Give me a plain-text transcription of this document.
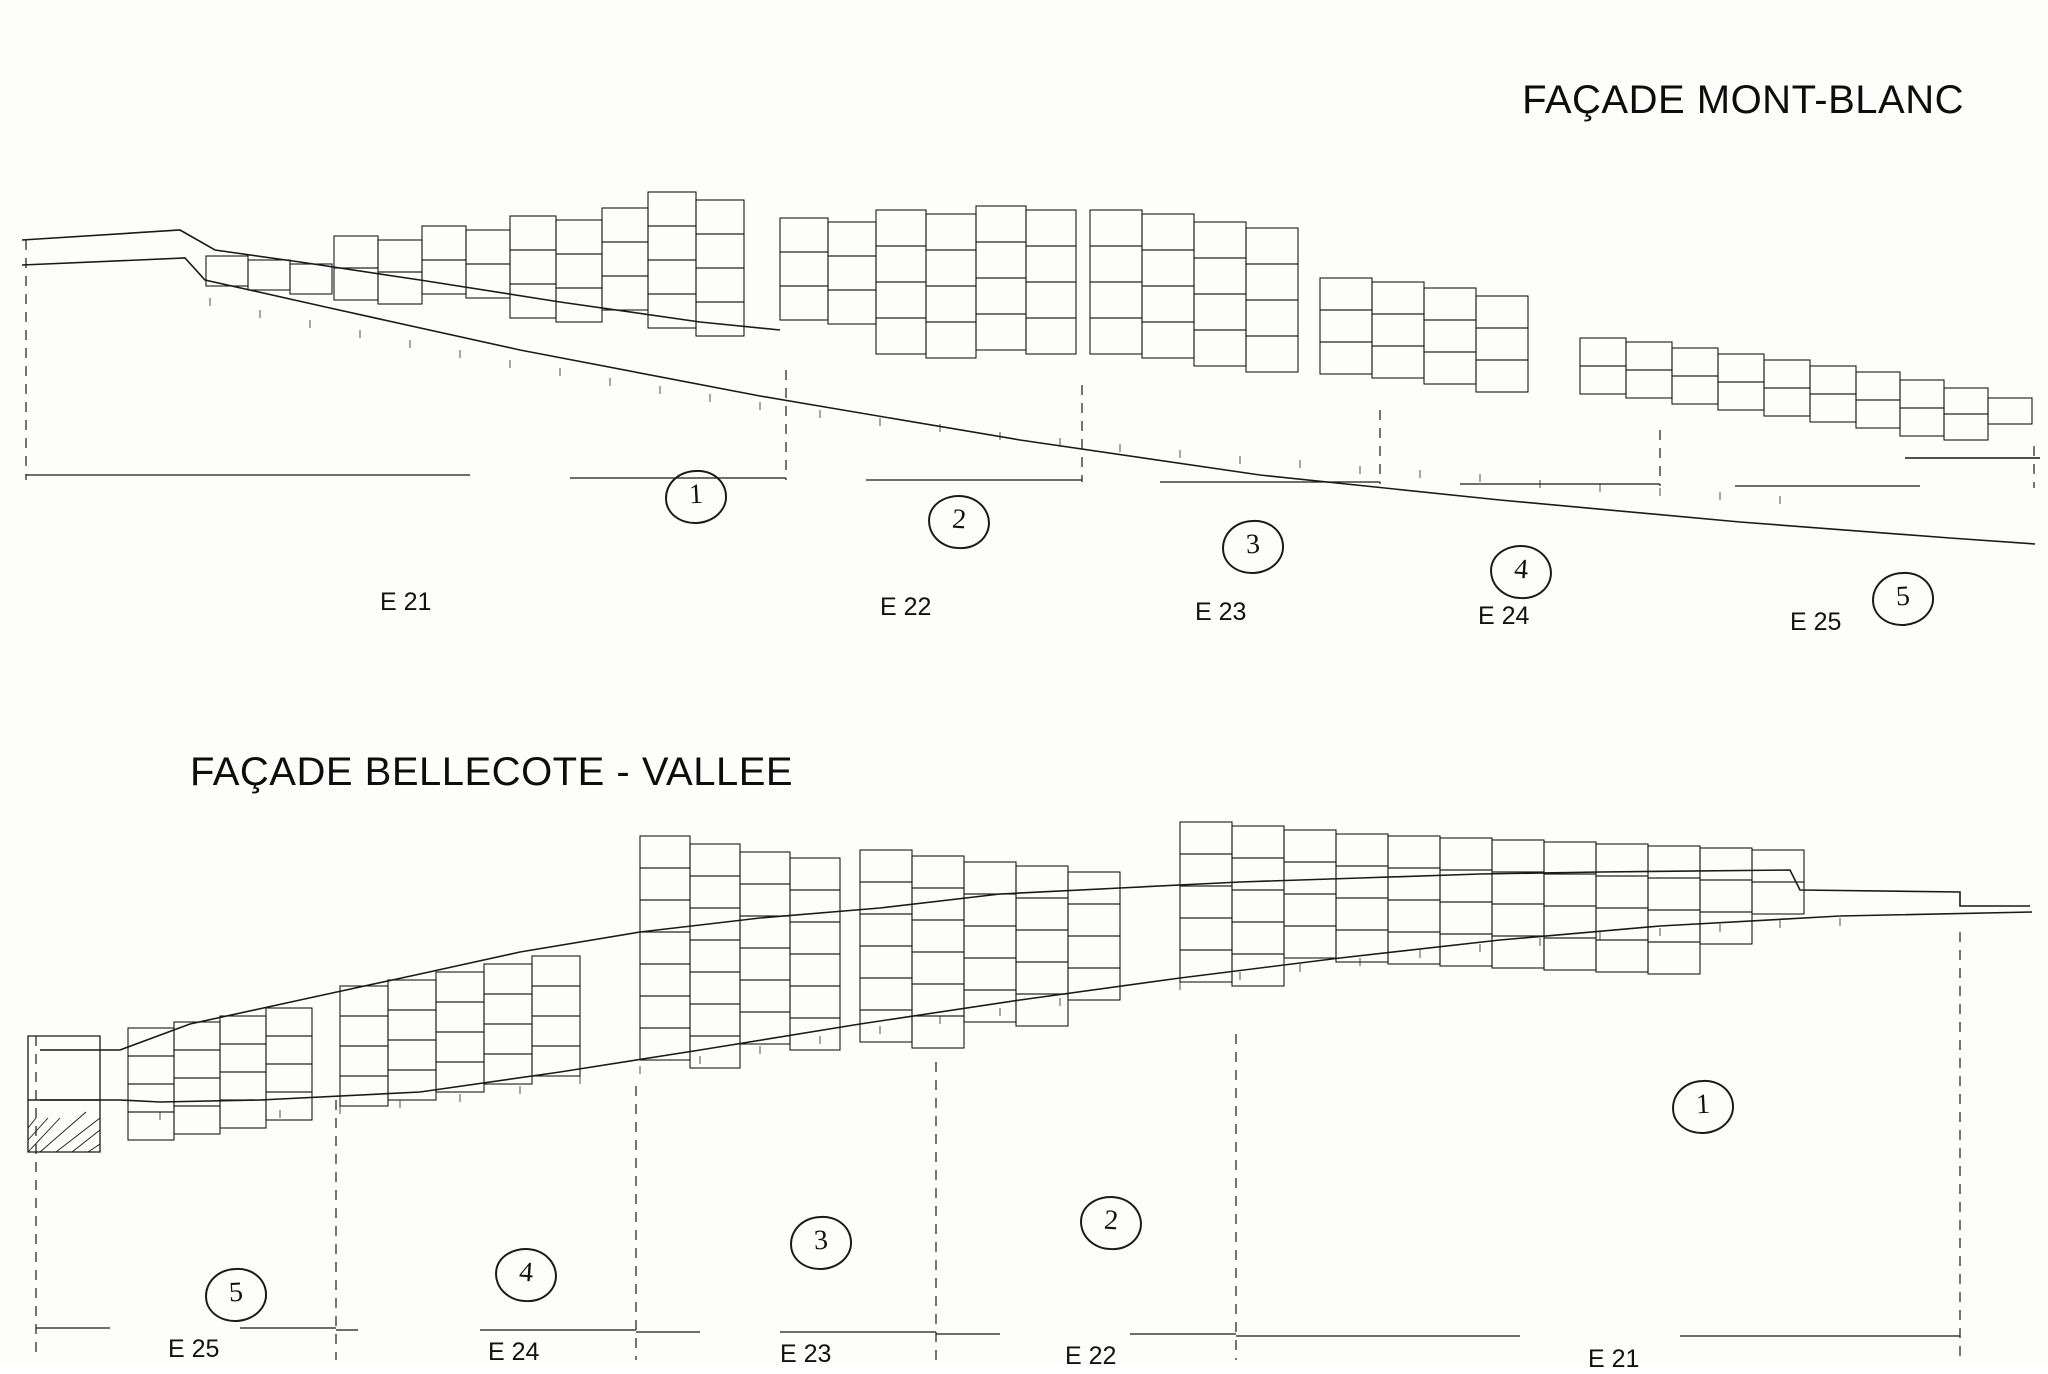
FAÇADE MONT-BLANC
E 21	E 22	E 23	E 24	E 25
1
2
3
4
5
FAÇADE BELLECOTE - VALLEE
E 25	E 24	E 23	E 22	E 21
5
4
3
2
1
